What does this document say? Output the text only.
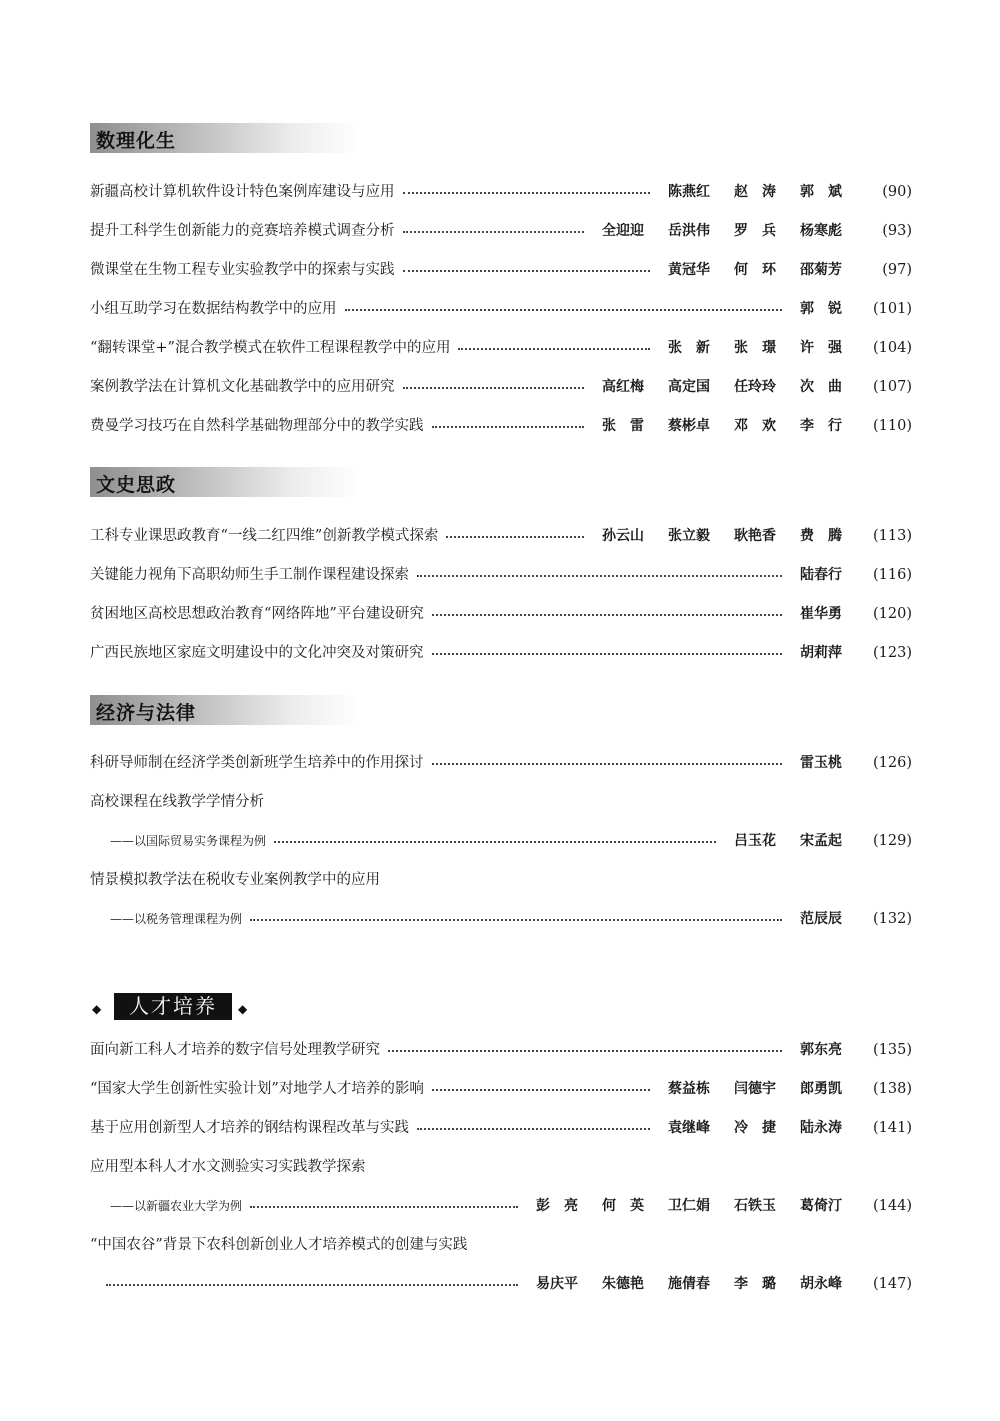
数理化生
新疆高校计算机软件设计特色案例库建设与应用	陈燕红	赵　涛	郭　斌	(90)
提升工科学生创新能力的竞赛培养模式调查分析	全迎迎	岳洪伟	罗　兵	杨寒彪	(93)
微课堂在生物工程专业实验教学中的探索与实践	黄冠华	何　环	邵菊芳	(97)
小组互助学习在数据结构教学中的应用	郭　锐	(101)
“翻转课堂+”混合教学模式在软件工程课程教学中的应用	张　新	张　璟	许　强	(104)
案例教学法在计算机文化基础教学中的应用研究	高红梅	高定国	任玲玲	次　曲	(107)
费曼学习技巧在自然科学基础物理部分中的教学实践	张　雷	蔡彬卓	邓　欢	李　行	(110)
文史思政
工科专业课思政教育“一线二红四维”创新教学模式探索	孙云山	张立毅	耿艳香	费　腾	(113)
关键能力视角下高职幼师生手工制作课程建设探索	陆春行	(116)
贫困地区高校思想政治教育“网络阵地”平台建设研究	崔华勇	(120)
广西民族地区家庭文明建设中的文化冲突及对策研究	胡莉萍	(123)
经济与法律
科研导师制在经济学类创新班学生培养中的作用探讨	雷玉桃	(126)
高校课程在线教学学情分析
——以国际贸易实务课程为例	吕玉花	宋孟起	(129)
情景模拟教学法在税收专业案例教学中的应用
——以税务管理课程为例	范辰辰	(132)
◆	人才培养	◆
面向新工科人才培养的数字信号处理教学研究	郭东亮	(135)
“国家大学生创新性实验计划”对地学人才培养的影响	蔡益栋	闫德宇	郎勇凯	(138)
基于应用创新型人才培养的钢结构课程改革与实践	袁继峰	冷　捷	陆永涛	(141)
应用型本科人才水文测验实习实践教学探索
——以新疆农业大学为例	彭　亮	何　英	卫仁娟	石铁玉	葛倚汀	(144)
“中国农谷”背景下农科创新创业人才培养模式的创建与实践
易庆平	朱德艳	施倩春	李　璐	胡永峰	(147)
